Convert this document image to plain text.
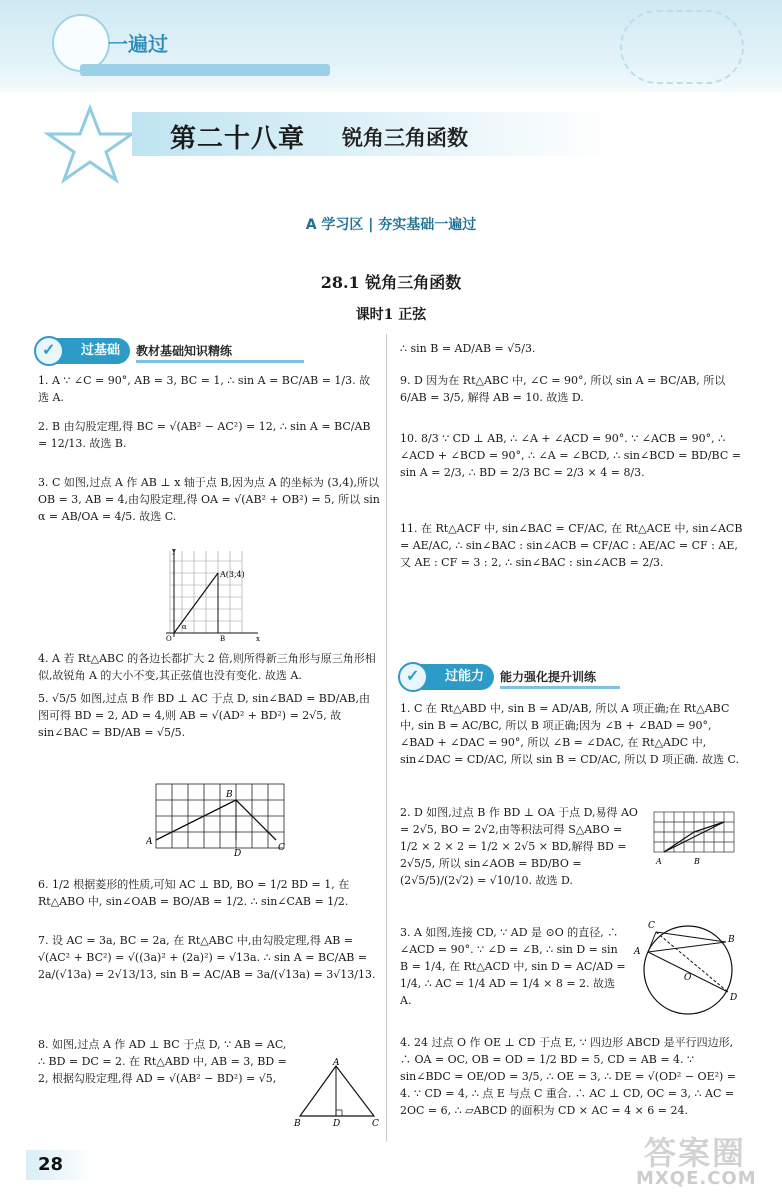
一遍过
第二十八章 锐角三角函数
A 学习区 | 夯实基础一遍过
28.1 锐角三角函数
课时1 正弦
过基础 ✓	教材基础知识精练
1. A ∵ ∠C = 90°, AB = 3, BC = 1, ∴ sin A = BC/AB = 1/3. 故选 A.
2. B 由勾股定理,得 BC = √(AB² − AC²) = 12, ∴ sin A = BC/AB = 12/13. 故选 B.
3. C 如图,过点 A 作 AB ⊥ x 轴于点 B,因为点 A 的坐标为 (3,4),所以 OB = 3, AB = 4,由勾股定理,得 OA = √(AB² + OB²) = 5, 所以 sin α = AB/OA = 4/5. 故选 C.
y
A(3,4)
α
O	B	x
4. A 若 Rt△ABC 的各边长都扩大 2 倍,则所得新三角形与原三角形相似,故锐角 A 的大小不变,其正弦值也没有变化. 故选 A.
5. √5/5 如图,过点 B 作 BD ⊥ AC 于点 D, sin∠BAD = BD/AB,由图可得 BD = 2, AD = 4,则 AB = √(AD² + BD²) = 2√5, 故 sin∠BAC = BD/AB = √5/5.
A
B
D
C
6. 1/2 根据菱形的性质,可知 AC ⊥ BD, BO = 1/2 BD = 1, 在 Rt△ABO 中, sin∠OAB = BO/AB = 1/2. ∴ sin∠CAB = 1/2.
7. 设 AC = 3a, BC = 2a, 在 Rt△ABC 中,由勾股定理,得 AB = √(AC² + BC²) = √((3a)² + (2a)²) = √13a. ∴ sin A = BC/AB = 2a/(√13a) = 2√13/13, sin B = AC/AB = 3a/(√13a) = 3√13/13.
8. 如图,过点 A 作 AD ⊥ BC 于点 D, ∵ AB = AC, ∴ BD = DC = 2. 在 Rt△ABD 中, AB = 3, BD = 2, 根据勾股定理,得 AD = √(AB² − BD²) = √5,
A
B	D	C
∴ sin B = AD/AB = √5/3.
9. D 因为在 Rt△ABC 中, ∠C = 90°, 所以 sin A = BC/AB, 所以 6/AB = 3/5, 解得 AB = 10. 故选 D.
10. 8/3 ∵ CD ⊥ AB, ∴ ∠A + ∠ACD = 90°. ∵ ∠ACB = 90°, ∴ ∠ACD + ∠BCD = 90°, ∴ ∠A = ∠BCD, ∴ sin∠BCD = BD/BC = sin A = 2/3, ∴ BD = 2/3 BC = 2/3 × 4 = 8/3.
11. 在 Rt△ACF 中, sin∠BAC = CF/AC, 在 Rt△ACE 中, sin∠ACB = AE/AC, ∴ sin∠BAC : sin∠ACB = CF/AC : AE/AC = CF : AE, 又 AE : CF = 3 : 2, ∴ sin∠BAC : sin∠ACB = 2/3.
过能力 ✓	能力强化提升训练
1. C 在 Rt△ABD 中, sin B = AD/AB, 所以 A 项正确;在 Rt△ABC 中, sin B = AC/BC, 所以 B 项正确;因为 ∠B + ∠BAD = 90°, ∠BAD + ∠DAC = 90°, 所以 ∠B = ∠DAC, 在 Rt△ADC 中, sin∠DAC = CD/AC, 所以 sin B = CD/AC, 所以 D 项正确. 故选 C.
2. D 如图,过点 B 作 BD ⊥ OA 于点 D,易得 AO = 2√5, BO = 2√2,由等积法可得 S△ABO = 1/2 × 2 × 2 = 1/2 × 2√5 × BD,解得 BD = 2√5/5, 所以 sin∠AOB = BD/BO = (2√5/5)/(2√2) = √10/10. 故选 D.
A	B
3. A 如图,连接 CD, ∵ AD 是 ⊙O 的直径, ∴ ∠ACD = 90°. ∵ ∠D = ∠B, ∴ sin D = sin B = 1/4, 在 Rt△ACD 中, sin D = AC/AD = 1/4, ∴ AC = 1/4 AD = 1/4 × 8 = 2. 故选 A.
C
A
O
B
D
4. 24 过点 O 作 OE ⊥ CD 于点 E, ∵ 四边形 ABCD 是平行四边形, ∴ OA = OC, OB = OD = 1/2 BD = 5, CD = AB = 4. ∵ sin∠BDC = OE/OD = 3/5, ∴ OE = 3, ∴ DE = √(OD² − OE²) = 4. ∵ CD = 4, ∴ 点 E 与点 C 重合. ∴ AC ⊥ CD, OC = 3, ∴ AC = 2OC = 6, ∴ ▱ABCD 的面积为 CD × AC = 4 × 6 = 24.
28	答案圈
MXQE.COM
